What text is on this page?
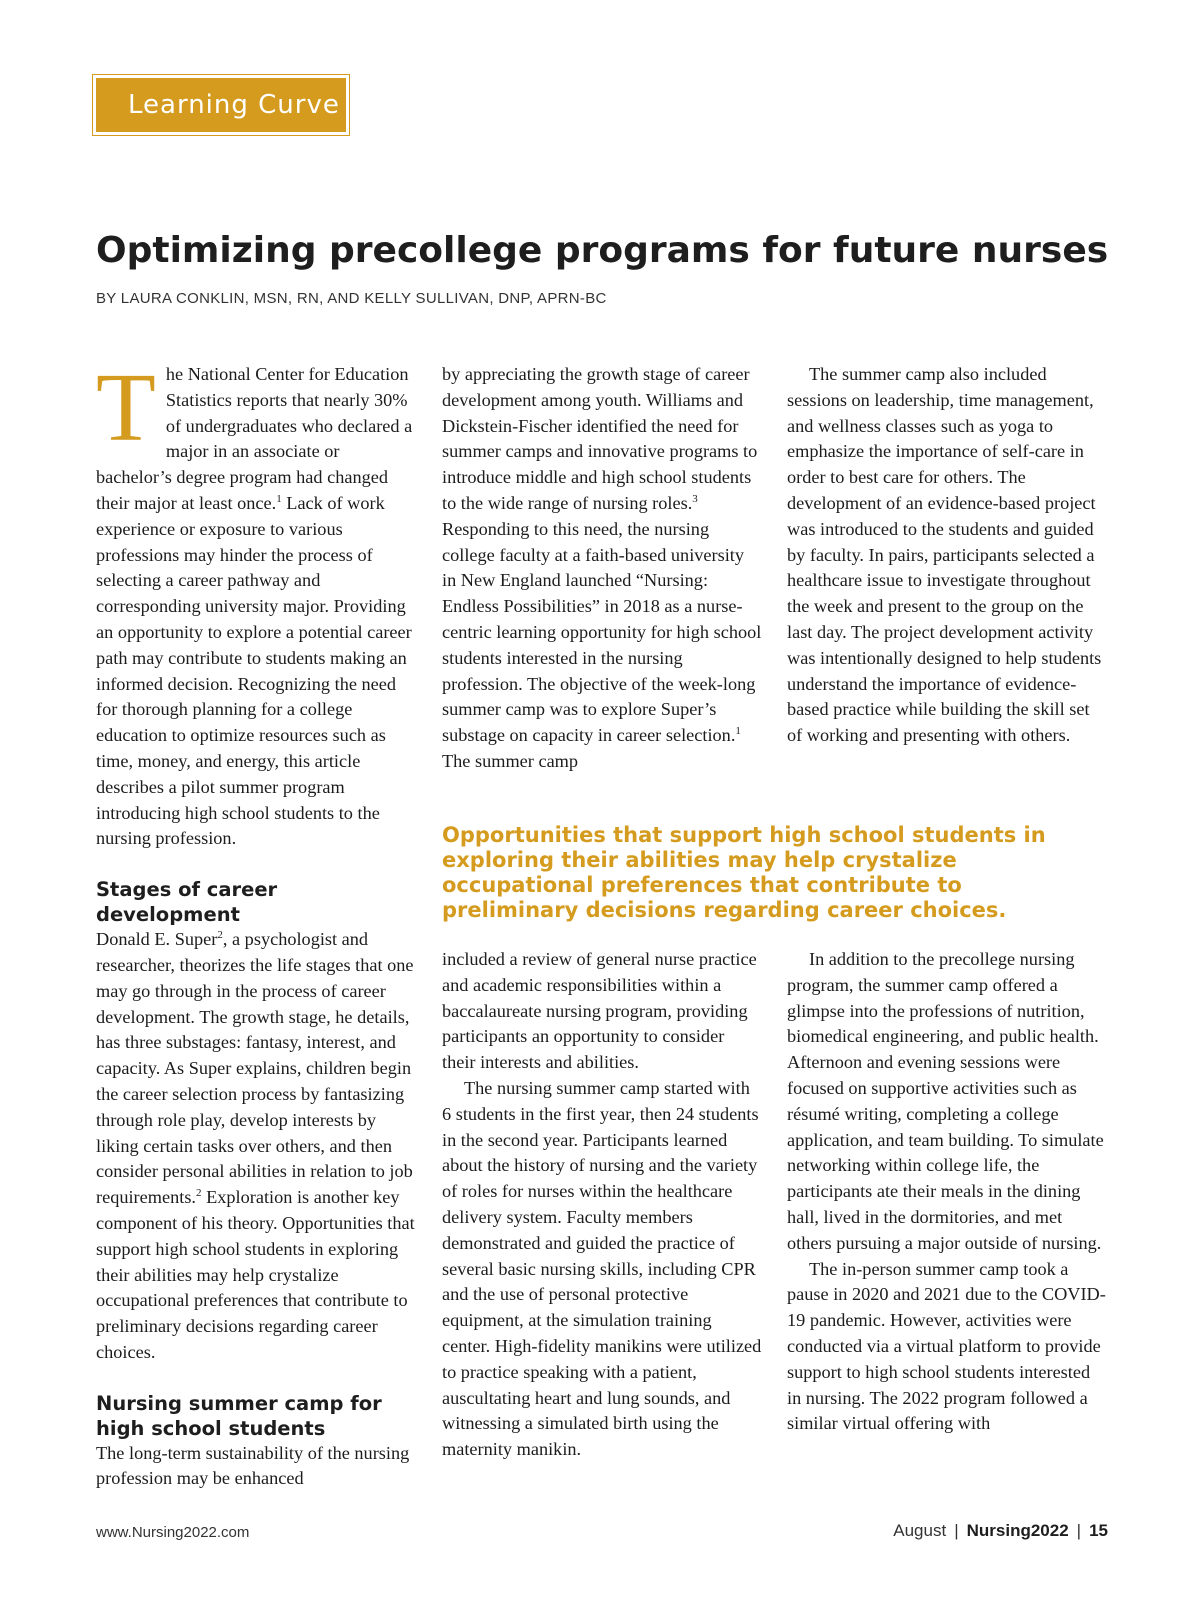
Learning Curve
Optimizing precollege programs for future nurses
BY LAURA CONKLIN, MSN, RN, AND KELLY SULLIVAN, DNP, APRN-BC

The National Center for Education Statistics reports that nearly 30% of undergraduates who declared a major in an associate or bachelor’s degree program had changed their major at least once.$^1$ Lack of work experience or exposure to various professions may hinder the process of selecting a career pathway and corresponding university major. Providing an opportunity to explore a potential career path may contribute to students making an informed decision. Recognizing the need for thorough planning for a college education to optimize resources such as time, money, and energy, this article describes a pilot summer program introducing high school students to the nursing profession.

Stages of career development

Donald E. Super$^2$, a psychologist and researcher, theorizes the life stages that one may go through in the process of career development. The growth stage, he details, has three substages: fantasy, interest, and capacity. As Super explains, children begin the career selection process by fantasizing through role play, develop interests by liking certain tasks over others, and then consider personal abilities in relation to job requirements.$^2$ Exploration is another key component of his theory. Opportunities that support high school students in exploring their abilities may help crystalize occupational preferences that contribute to preliminary decisions regarding career choices.

Nursing summer camp for high school students

The long-term sustainability of the nursing profession may be enhanced

by appreciating the growth stage of career development among youth. Williams and Dickstein-Fischer identified the need for summer camps and innovative programs to introduce middle and high school students to the wide range of nursing roles.$^3$ Responding to this need, the nursing college faculty at a faith-based university in New England launched “Nursing: Endless Possibilities” in 2018 as a nurse-centric learning opportunity for high school students interested in the nursing profession. The objective of the week-long summer camp was to explore Super’s substage on capacity in career selection.$^1$ The summer camp

The summer camp also included sessions on leadership, time management, and wellness classes such as yoga to emphasize the importance of self-care in order to best care for others. The development of an evidence-based project was introduced to the students and guided by faculty. In pairs, participants selected a healthcare issue to investigate throughout the week and present to the group on the last day. The project development activity was intentionally designed to help students understand the importance of evidence-based practice while building the skill set of working and presenting with others.

Opportunities that support high school students in exploring their abilities may help crystalize occupational preferences that contribute to preliminary decisions regarding career choices.

included a review of general nurse practice and academic responsibilities within a baccalaureate nursing program, providing participants an opportunity to consider their interests and abilities.

The nursing summer camp started with 6 students in the first year, then 24 students in the second year. Participants learned about the history of nursing and the variety of roles for nurses within the healthcare delivery system. Faculty members demonstrated and guided the practice of several basic nursing skills, including CPR and the use of personal protective equipment, at the simulation training center. High-fidelity manikins were utilized to practice speaking with a patient, auscultating heart and lung sounds, and witnessing a simulated birth using the maternity manikin.

In addition to the precollege nursing program, the summer camp offered a glimpse into the professions of nutrition, biomedical engineering, and public health. Afternoon and evening sessions were focused on supportive activities such as résumé writing, completing a college application, and team building. To simulate networking within college life, the participants ate their meals in the dining hall, lived in the dormitories, and met others pursuing a major outside of nursing.

The in-person summer camp took a pause in 2020 and 2021 due to the COVID-19 pandemic. However, activities were conducted via a virtual platform to provide support to high school students interested in nursing. The 2022 program followed a similar virtual offering with

www.Nursing2022.com	August | Nursing2022 | 15
